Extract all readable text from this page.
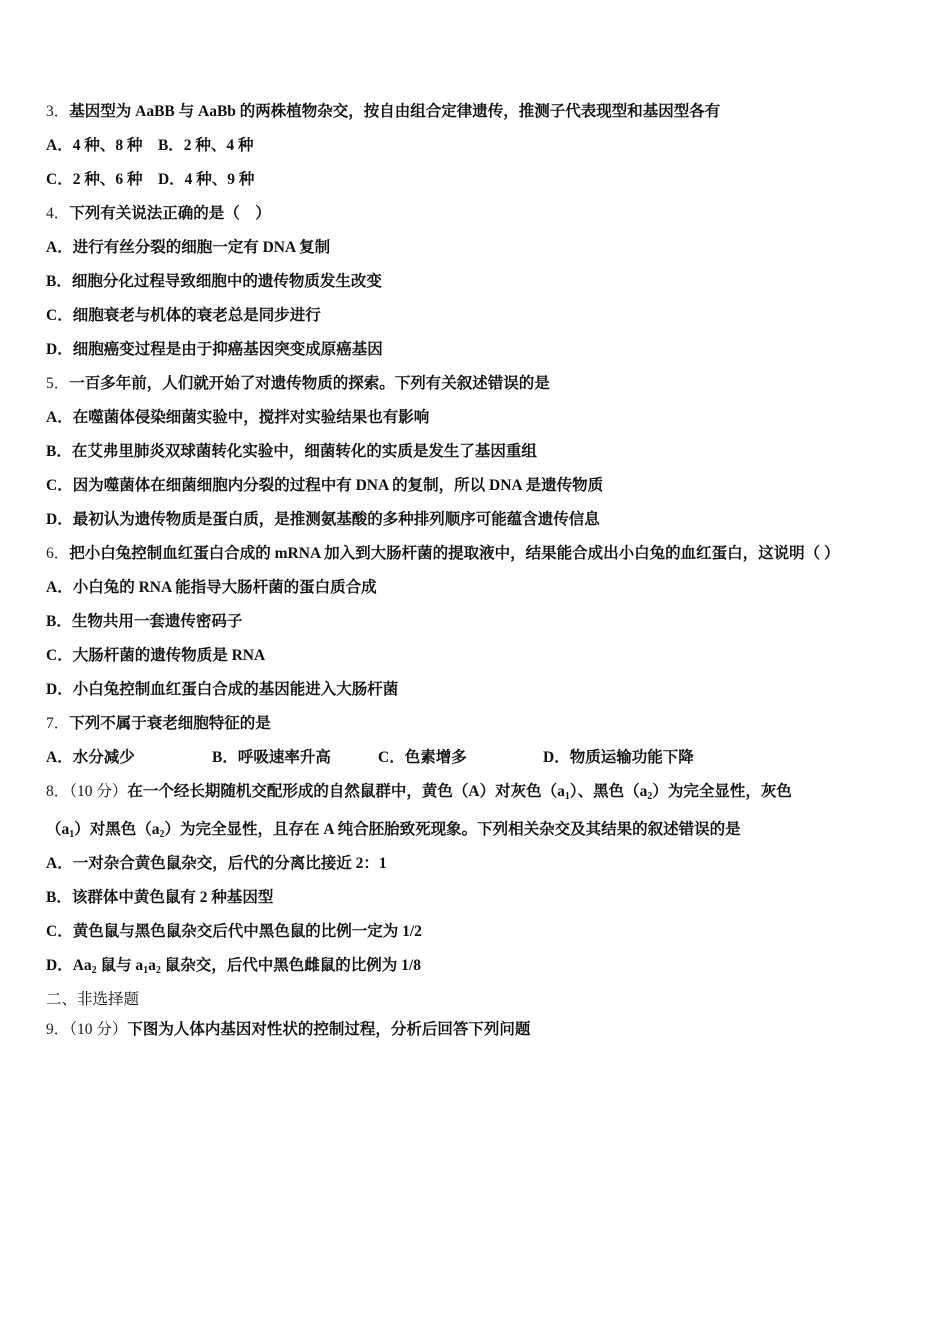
3．基因型为 AaBB 与 AaBb 的两株植物杂交，按自由组合定律遗传，推测子代表现型和基因型各有
A．4 种、8 种 B．2 种、4 种
C．2 种、6 种 D．4 种、9 种
4．下列有关说法正确的是（　）
A．进行有丝分裂的细胞一定有 DNA 复制
B．细胞分化过程导致细胞中的遗传物质发生改变
C．细胞衰老与机体的衰老总是同步进行
D．细胞癌变过程是由于抑癌基因突变成原癌基因
5．一百多年前，人们就开始了对遗传物质的探索。下列有关叙述错误的是
A．在噬菌体侵染细菌实验中，搅拌对实验结果也有影响
B．在艾弗里肺炎双球菌转化实验中，细菌转化的实质是发生了基因重组
C．因为噬菌体在细菌细胞内分裂的过程中有 DNA 的复制，所以 DNA 是遗传物质
D．最初认为遗传物质是蛋白质，是推测氨基酸的多种排列顺序可能蕴含遗传信息
6．把小白兔控制血红蛋白合成的 mRNA 加入到大肠杆菌的提取液中，结果能合成出小白兔的血红蛋白，这说明（ ）
A．小白兔的 RNA 能指导大肠杆菌的蛋白质合成
B．生物共用一套遗传密码子
C．大肠杆菌的遗传物质是 RNA
D．小白兔控制血红蛋白合成的基因能进入大肠杆菌
7．下列不属于衰老细胞特征的是
A．水分减少	B．呼吸速率升高	C．色素增多	D．物质运输功能下降
8．（10 分）在一个经长期随机交配形成的自然鼠群中，黄色（A）对灰色$(a_1)$、黑色$(a_2)$为完全显性，灰色
$(a_1)$对黑色$(a_2)$为完全显性，且存在 A 纯合胚胎致死现象。下列相关杂交及其结果的叙述错误的是
A．一对杂合黄色鼠杂交，后代的分离比接近 2：1
B．该群体中黄色鼠有 2 种基因型
C．黄色鼠与黑色鼠杂交后代中黑色鼠的比例一定为 1/2
D．$Aa_2$ 鼠与 $a_1a_2$ 鼠杂交，后代中黑色雌鼠的比例为 1/8
二、非选择题
9．（10 分）下图为人体内基因对性状的控制过程，分析后回答下列问题
